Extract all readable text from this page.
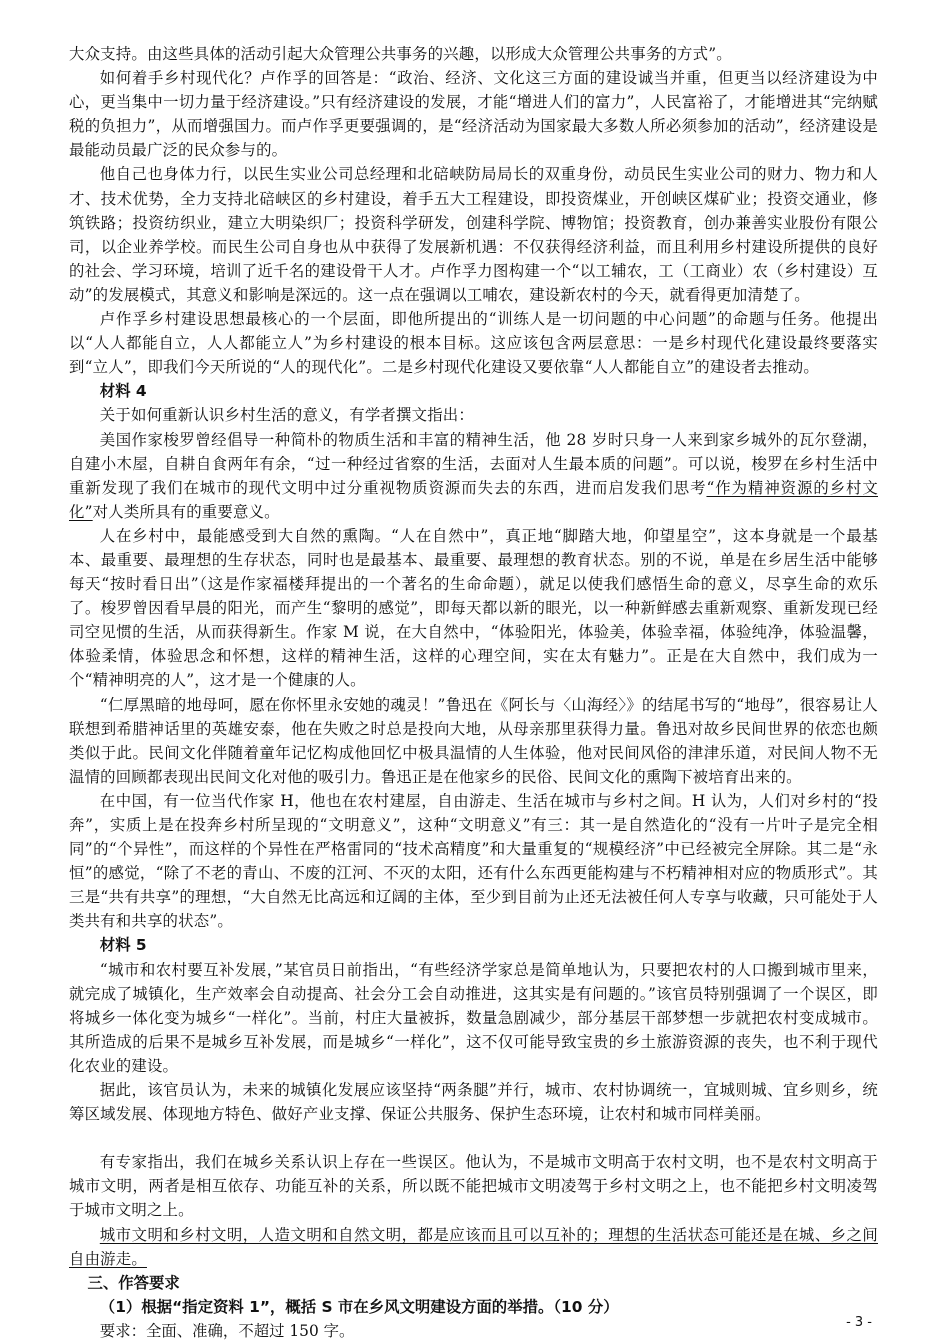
大众支持。由这些具体的活动引起大众管理公共事务的兴趣，以形成大众管理公共事务的方式”。

如何着手乡村现代化？卢作孚的回答是：“政治、经济、文化这三方面的建设诚当并重，但更当以经济建设为中心，更当集中一切力量于经济建设。”只有经济建设的发展，才能“增进人们的富力”，人民富裕了，才能增进其“完纳赋税的负担力”，从而增强国力。而卢作孚更要强调的，是“经济活动为国家最大多数人所必须参加的活动”，经济建设是最能动员最广泛的民众参与的。

他自己也身体力行，以民生实业公司总经理和北碚峡防局局长的双重身份，动员民生实业公司的财力、物力和人才、技术优势，全力支持北碚峡区的乡村建设，着手五大工程建设，即投资煤业，开创峡区煤矿业；投资交通业，修筑铁路；投资纺织业，建立大明染织厂；投资科学研发，创建科学院、博物馆；投资教育，创办兼善实业股份有限公司，以企业养学校。而民生公司自身也从中获得了发展新机遇：不仅获得经济利益，而且利用乡村建设所提供的良好的社会、学习环境，培训了近千名的建设骨干人才。卢作孚力图构建一个“以工辅农，工（工商业）农（乡村建设）互动”的发展模式，其意义和影响是深远的。这一点在强调以工哺农，建设新农村的今天，就看得更加清楚了。

卢作孚乡村建设思想最核心的一个层面，即他所提出的“训练人是一切问题的中心问题”的命题与任务。他提出以“人人都能自立，人人都能立人”为乡村建设的根本目标。这应该包含两层意思：一是乡村现代化建设最终要落实到“立人”，即我们今天所说的“人的现代化”。二是乡村现代化建设又要依靠“人人都能自立”的建设者去推动。

材料 4

关于如何重新认识乡村生活的意义，有学者撰文指出：

美国作家梭罗曾经倡导一种简朴的物质生活和丰富的精神生活，他 28 岁时只身一人来到家乡城外的瓦尔登湖，自建小木屋，自耕自食两年有余，“过一种经过省察的生活，去面对人生最本质的问题”。可以说，梭罗在乡村生活中重新发现了我们在城市的现代文明中过分重视物质资源而失去的东西，进而启发我们思考“作为精神资源的乡村文化”对人类所具有的重要意义。

人在乡村中，最能感受到大自然的熏陶。“人在自然中”，真正地“脚踏大地，仰望星空”，这本身就是一个最基本、最重要、最理想的生存状态，同时也是最基本、最重要、最理想的教育状态。别的不说，单是在乡居生活中能够每天“按时看日出”（这是作家福楼拜提出的一个著名的生命命题），就足以使我们感悟生命的意义，尽享生命的欢乐了。梭罗曾因看早晨的阳光，而产生“黎明的感觉”，即每天都以新的眼光，以一种新鲜感去重新观察、重新发现已经司空见惯的生活，从而获得新生。作家 M 说，在大自然中，“体验阳光，体验美，体验幸福，体验纯净，体验温馨，体验柔情，体验思念和怀想，这样的精神生活，这样的心理空间，实在太有魅力”。正是在大自然中，我们成为一个“精神明亮的人”，这才是一个健康的人。

“仁厚黑暗的地母呵，愿在你怀里永安她的魂灵！”鲁迅在《阿长与〈山海经〉》的结尾书写的“地母”，很容易让人联想到希腊神话里的英雄安泰，他在失败之时总是投向大地，从母亲那里获得力量。鲁迅对故乡民间世界的依恋也颇类似于此。民间文化伴随着童年记忆构成他回忆中极具温情的人生体验，他对民间风俗的津津乐道，对民间人物不无温情的回顾都表现出民间文化对他的吸引力。鲁迅正是在他家乡的民俗、民间文化的熏陶下被培育出来的。

在中国，有一位当代作家 H，他也在农村建屋，自由游走、生活在城市与乡村之间。H 认为，人们对乡村的“投奔”，实质上是在投奔乡村所呈现的“文明意义”，这种“文明意义”有三：其一是自然造化的“没有一片叶子是完全相同”的“个异性”，而这样的个异性在严格雷同的“技术高精度”和大量重复的“规模经济”中已经被完全屏除。其二是“永恒”的感觉，“除了不老的青山、不废的江河、不灭的太阳，还有什么东西更能构建与不朽精神相对应的物质形式”。其三是“共有共享”的理想，“大自然无比高远和辽阔的主体，至少到目前为止还无法被任何人专享与收藏，只可能处于人类共有和共享的状态”。

材料 5

“城市和农村要互补发展，”某官员日前指出，“有些经济学家总是简单地认为，只要把农村的人口搬到城市里来，就完成了城镇化，生产效率会自动提高、社会分工会自动推进，这其实是有问题的。”该官员特别强调了一个误区，即将城乡一体化变为城乡“一样化”。当前，村庄大量被拆，数量急剧减少，部分基层干部梦想一步就把农村变成城市。其所造成的后果不是城乡互补发展，而是城乡“一样化”，这不仅可能导致宝贵的乡土旅游资源的丧失，也不利于现代化农业的建设。

据此，该官员认为，未来的城镇化发展应该坚持“两条腿”并行，城市、农村协调统一，宜城则城、宜乡则乡，统筹区域发展、体现地方特色、做好产业支撑、保证公共服务、保护生态环境，让农村和城市同样美丽。

有专家指出，我们在城乡关系认识上存在一些误区。他认为，不是城市文明高于农村文明，也不是农村文明高于城市文明，两者是相互依存、功能互补的关系，所以既不能把城市文明凌驾于乡村文明之上，也不能把乡村文明凌驾于城市文明之上。

城市文明和乡村文明，人造文明和自然文明，都是应该而且可以互补的；理想的生活状态可能还是在城、乡之间自由游走。

三、作答要求
（1）根据“指定资料 1”，概括 S 市在乡风文明建设方面的举措。（10 分）
要求：全面、准确，不超过 150 字。	- 3 -
